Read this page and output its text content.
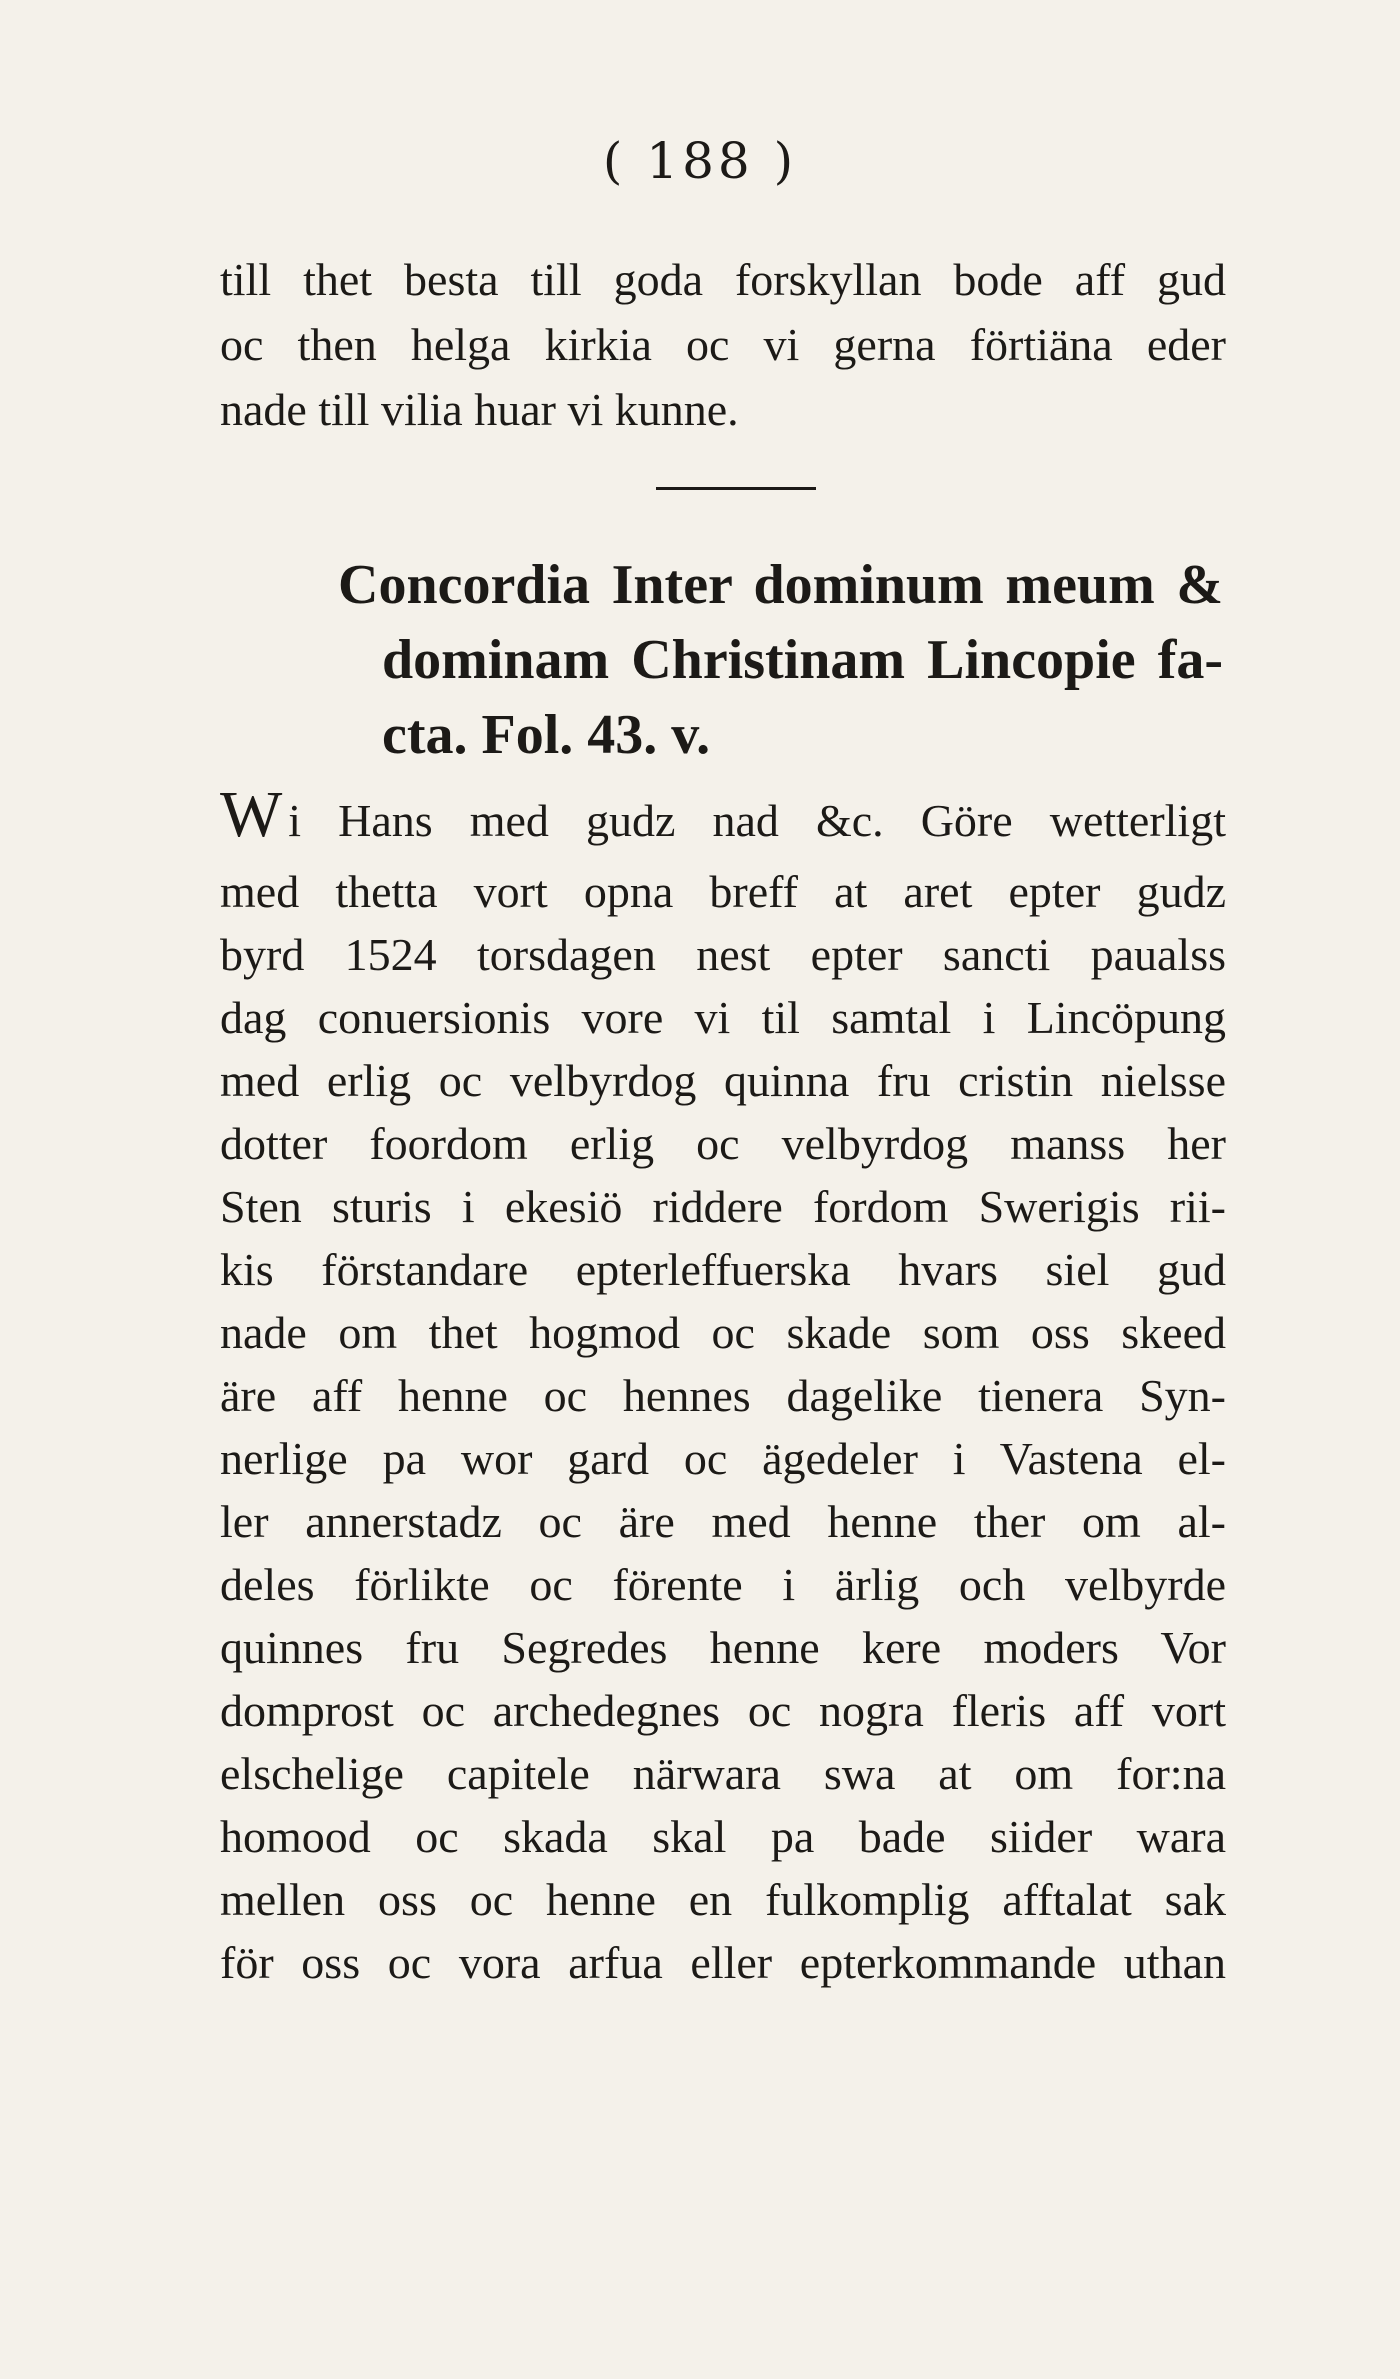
( 188 )
till thet besta till goda forskyllan bode aff gud
oc then helga kirkia oc vi gerna förtiäna eder
nade till vilia huar vi kunne.
Concordia Inter dominum meum &
dominam Christinam Lincopie fa-
cta. Fol. 43. v.
W i Hans med gudz nad &c. Göre wetterligt
med thetta vort opna breff at aret epter gudz
byrd 1524 torsdagen nest epter sancti paualss
dag conuersionis vore vi til samtal i Lincöpung
med erlig oc velbyrdog quinna fru cristin nielsse
dotter foordom erlig oc velbyrdog manss her
Sten sturis i ekesiö riddere fordom Swerigis rii-
kis förstandare epterleffuerska hvars siel gud
nade om thet hogmod oc skade som oss skeed
äre aff henne oc hennes dagelike tienera Syn-
nerlige pa wor gard oc ägedeler i Vastena el-
ler annerstadz oc äre med henne ther om al-
deles förlikte oc förente i ärlig och velbyrde
quinnes fru Segredes henne kere moders Vor
domprost oc archedegnes oc nogra fleris aff vort
elschelige capitele närwara swa at om for:na
homood oc skada skal pa bade siider wara
mellen oss oc henne en fulkomplig afftalat sak
för oss oc vora arfua eller epterkommande uthan
